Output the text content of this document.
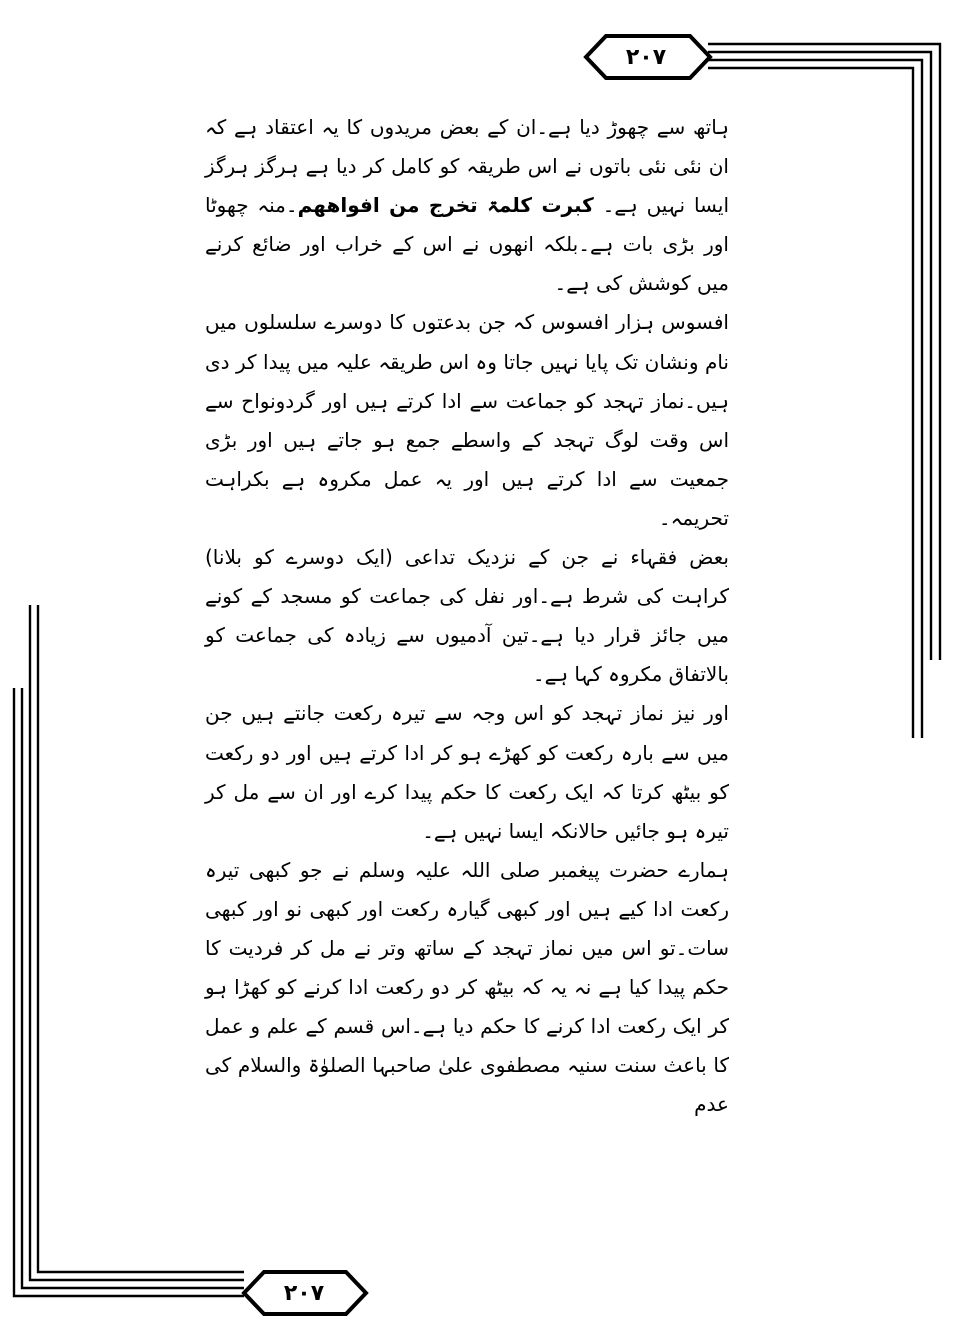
۲۰۷
۲۰۷

ہاتھ سے چھوڑ دیا ہے۔ان کے بعض مریدوں کا یہ اعتقاد ہے کہ ان نئی نئی باتوں نے اس طریقہ کو کامل کر دیا ہے ہرگز ہرگز ایسا نہیں ہے۔ کبرت کلمۃ تخرج من افواھھم۔منہ چھوٹا اور بڑی بات ہے۔بلکہ انھوں نے اس کے خراب اور ضائع کرنے میں کوشش کی ہے۔

افسوس ہزار افسوس کہ جن بدعتوں کا دوسرے سلسلوں میں نام ونشان تک پایا نہیں جاتا وہ اس طریقہ علیہ میں پیدا کر دی ہیں۔نماز تہجد کو جماعت سے ادا کرتے ہیں اور گردونواح سے اس وقت لوگ تہجد کے واسطے جمع ہو جاتے ہیں اور بڑی جمعیت سے ادا کرتے ہیں اور یہ عمل مکروہ ہے بکراہت تحریمہ۔

بعض فقہاء نے جن کے نزدیک تداعی (ایک دوسرے کو بلانا) کراہت کی شرط ہے۔اور نفل کی جماعت کو مسجد کے کونے میں جائز قرار دیا ہے۔تین آدمیوں سے زیادہ کی جماعت کو بالاتفاق مکروہ کہا ہے۔

اور نیز نماز تہجد کو اس وجہ سے تیرہ رکعت جانتے ہیں جن میں سے بارہ رکعت کو کھڑے ہو کر ادا کرتے ہیں اور دو رکعت کو بیٹھ کرتا کہ ایک رکعت کا حکم پیدا کرے اور ان سے مل کر تیرہ ہو جائیں حالانکہ ایسا نہیں ہے۔

ہمارے حضرت پیغمبر صلی اللہ علیہ وسلم نے جو کبھی تیرہ رکعت ادا کیے ہیں اور کبھی گیارہ رکعت اور کبھی نو اور کبھی سات۔تو اس میں نماز تہجد کے ساتھ وتر نے مل کر فردیت کا حکم پیدا کیا ہے نہ یہ کہ بیٹھ کر دو رکعت ادا کرنے کو کھڑا ہو کر ایک رکعت ادا کرنے کا حکم دیا ہے۔اس قسم کے علم و عمل کا باعث سنت سنیہ مصطفوی علیٰ صاحبہا الصلوٰۃ والسلام کی عدم
